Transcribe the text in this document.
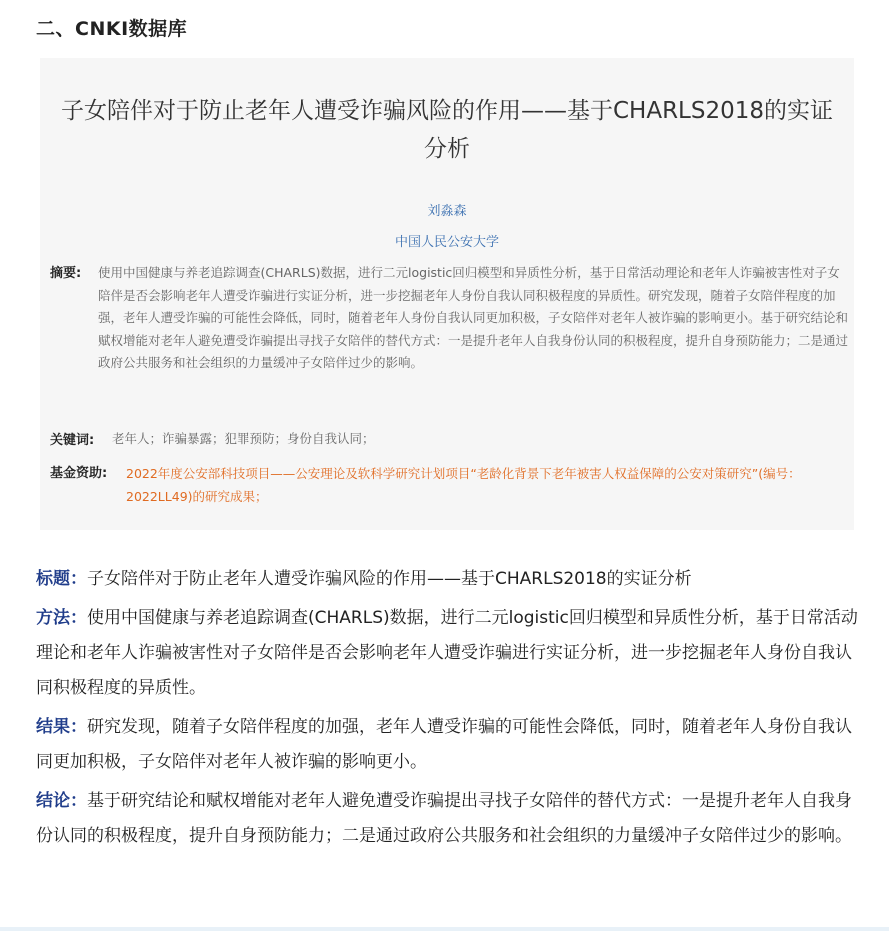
二、CNKI数据库
子女陪伴对于防止老年人遭受诈骗风险的作用——基于CHARLS2018的实证分析
刘淼森
中国人民公安大学
摘要: 使用中国健康与养老追踪调查(CHARLS)数据，进行二元logistic回归模型和异质性分析，基于日常活动理论和老年人诈骗被害性对子女陪伴是否会影响老年人遭受诈骗进行实证分析，进一步挖掘老年人身份自我认同积极程度的异质性。研究发现，随着子女陪伴程度的加强，老年人遭受诈骗的可能性会降低，同时，随着老年人身份自我认同更加积极，子女陪伴对老年人被诈骗的影响更小。基于研究结论和赋权增能对老年人避免遭受诈骗提出寻找子女陪伴的替代方式：一是提升老年人自我身份认同的积极程度，提升自身预防能力；二是通过政府公共服务和社会组织的力量缓冲子女陪伴过少的影响。
关键词: 老年人；诈骗暴露；犯罪预防；身份自我认同；
基金资助: 2022年度公安部科技项目——公安理论及软科学研究计划项目“老龄化背景下老年被害人权益保障的公安对策研究”(编号：2022LL49)的研究成果；

标题：子女陪伴对于防止老年人遭受诈骗风险的作用——基于CHARLS2018的实证分析

方法：使用中国健康与养老追踪调查(CHARLS)数据，进行二元logistic回归模型和异质性分析，基于日常活动理论和老年人诈骗被害性对子女陪伴是否会影响老年人遭受诈骗进行实证分析，进一步挖掘老年人身份自我认同积极程度的异质性。

结果：研究发现，随着子女陪伴程度的加强，老年人遭受诈骗的可能性会降低，同时，随着老年人身份自我认同更加积极，子女陪伴对老年人被诈骗的影响更小。

结论：基于研究结论和赋权增能对老年人避免遭受诈骗提出寻找子女陪伴的替代方式：一是提升老年人自我身份认同的积极程度，提升自身预防能力；二是通过政府公共服务和社会组织的力量缓冲子女陪伴过少的影响。
